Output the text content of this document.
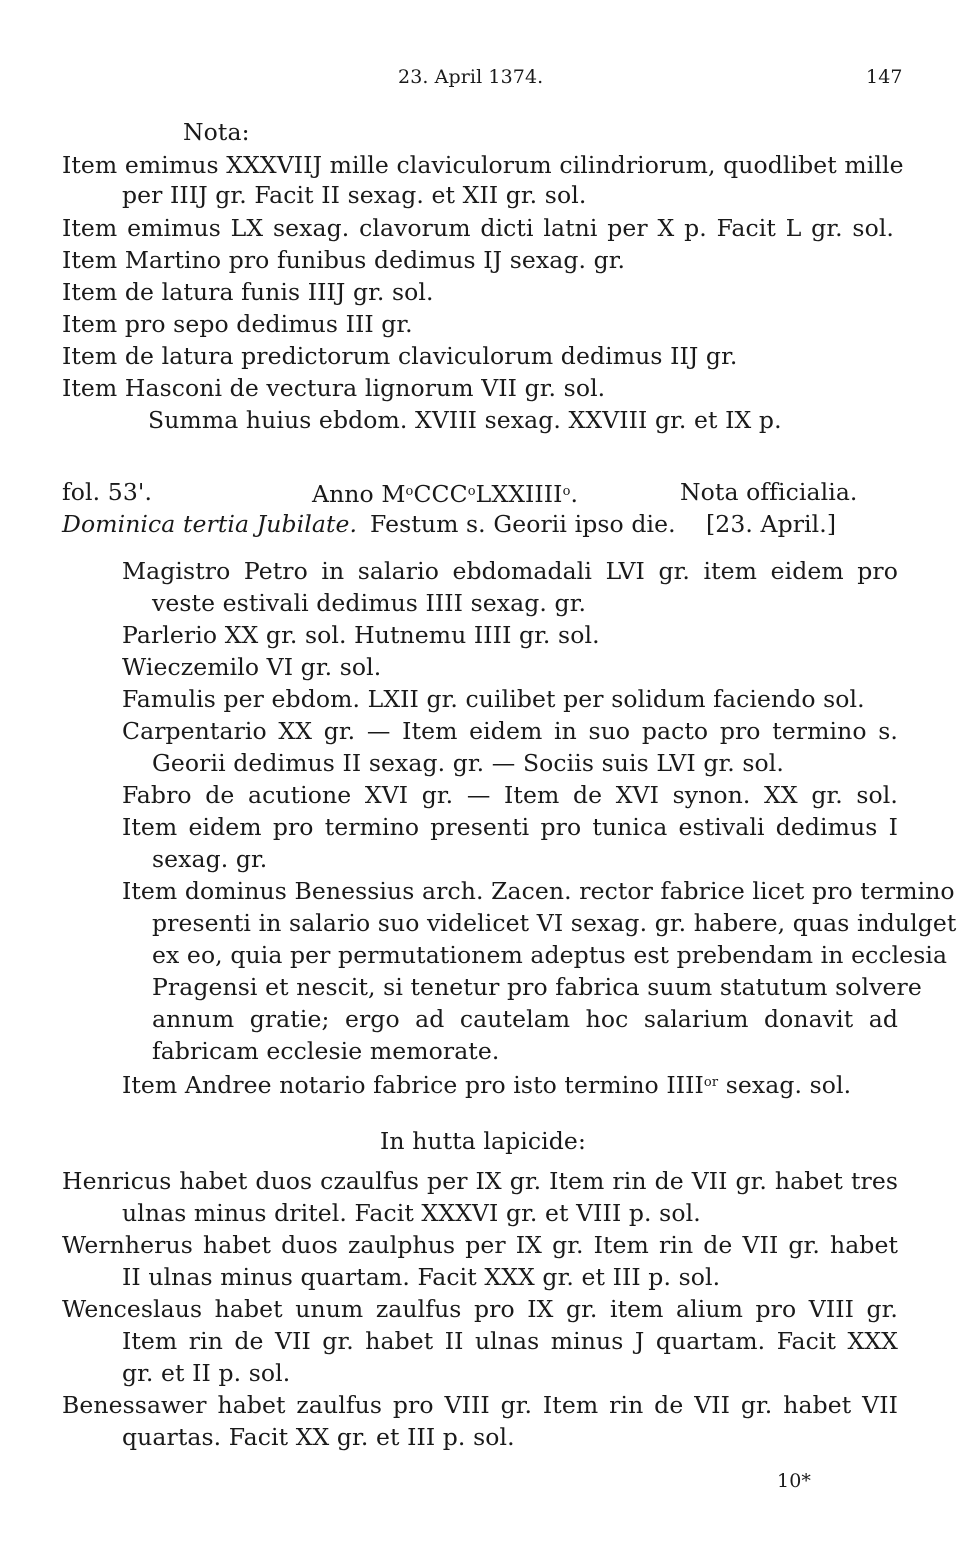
23. April 1374.	147
Nota:
Item emimus XXXVIIJ mille claviculorum cilindriorum, quodlibet mille
per IIIJ gr. Facit II sexag. et XII gr. sol.
Item emimus LX sexag. clavorum dicti latni per X p. Facit L gr. sol.
Item Martino pro funibus dedimus IJ sexag. gr.
Item de latura funis IIIJ gr. sol.
Item pro sepo dedimus III gr.
Item de latura predictorum claviculorum dedimus IIJ gr.
Item Hasconi de vectura lignorum VII gr. sol.
Summa huius ebdom. XVIII sexag. XXVIII gr. et IX p.
fol. 53'.	Anno $M^oCCC^oLXXIIII^o$.	Nota officialia.
Dominica tertia Jubilate. Festum s. Georii ipso die. [23. April.]
Magistro Petro in salario ebdomadali LVI gr. item eidem pro
veste estivali dedimus IIII sexag. gr.
Parlerio XX gr. sol. Hutnemu IIII gr. sol.
Wieczemilo VI gr. sol.
Famulis per ebdom. LXII gr. cuilibet per solidum faciendo sol.
Carpentario XX gr. — Item eidem in suo pacto pro termino s.
Georii dedimus II sexag. gr. — Sociis suis LVI gr. sol.
Fabro de acutione XVI gr. — Item de XVI synon. XX gr. sol.
Item eidem pro termino presenti pro tunica estivali dedimus I
sexag. gr.
Item dominus Benessius arch. Zacen. rector fabrice licet pro termino
presenti in salario suo videlicet VI sexag. gr. habere, quas indulget
ex eo, quia per permutationem adeptus est prebendam in ecclesia
Pragensi et nescit, si tenetur pro fabrica suum statutum solvere
annum gratie; ergo ad cautelam hoc salarium donavit ad
fabricam ecclesie memorate.
Item Andree notario fabrice pro isto termino $IIII^{or}$ sexag. sol.
In hutta lapicide:
Henricus habet duos czaulfus per IX gr. Item rin de VII gr. habet tres
ulnas minus dritel. Facit XXXVI gr. et VIII p. sol.
Wernherus habet duos zaulphus per IX gr. Item rin de VII gr. habet
II ulnas minus quartam. Facit XXX gr. et III p. sol.
Wenceslaus habet unum zaulfus pro IX gr. item alium pro VIII gr.
Item rin de VII gr. habet II ulnas minus J quartam. Facit XXX
gr. et II p. sol.
Benessawer habet zaulfus pro VIII gr. Item rin de VII gr. habet VII
quartas. Facit XX gr. et III p. sol.
10*
